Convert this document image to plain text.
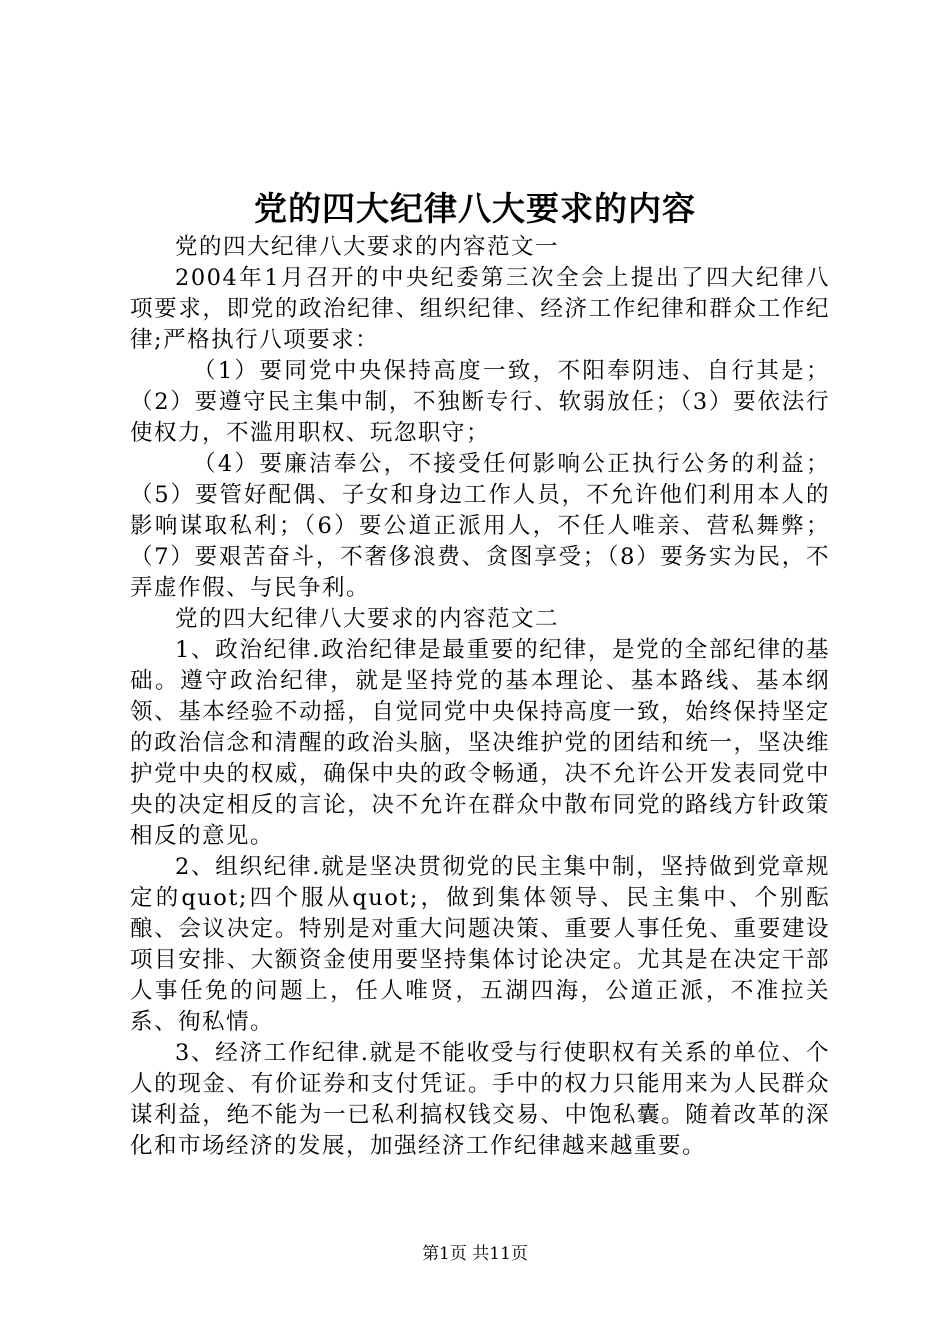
党的四大纪律八大要求的内容

党的四大纪律八大要求的内容范文一

2004年1月召开的中央纪委第三次全会上提出了四大纪律八项要求，即党的政治纪律、组织纪律、经济工作纪律和群众工作纪律;严格执行八项要求：

（1）要同党中央保持高度一致，不阳奉阴违、自行其是；（2）要遵守民主集中制，不独断专行、软弱放任；（3）要依法行使权力，不滥用职权、玩忽职守；

（4）要廉洁奉公，不接受任何影响公正执行公务的利益；（5）要管好配偶、子女和身边工作人员，不允许他们利用本人的影响谋取私利；（6）要公道正派用人，不任人唯亲、营私舞弊；（7）要艰苦奋斗，不奢侈浪费、贪图享受；（8）要务实为民，不弄虚作假、与民争利。

党的四大纪律八大要求的内容范文二

1、政治纪律.政治纪律是最重要的纪律，是党的全部纪律的基础。遵守政治纪律，就是坚持党的基本理论、基本路线、基本纲领、基本经验不动摇，自觉同党中央保持高度一致，始终保持坚定的政治信念和清醒的政治头脑，坚决维护党的团结和统一，坚决维护党中央的权威，确保中央的政令畅通，决不允许公开发表同党中央的决定相反的言论，决不允许在群众中散布同党的路线方针政策相反的意见。

2、组织纪律.就是坚决贯彻党的民主集中制，坚持做到党章规定的quot;四个服从quot;，做到集体领导、民主集中、个别酝酿、会议决定。特别是对重大问题决策、重要人事任免、重要建设项目安排、大额资金使用要坚持集体讨论决定。尤其是在决定干部人事任免的问题上，任人唯贤，五湖四海，公道正派，不准拉关系、徇私情。

3、经济工作纪律.就是不能收受与行使职权有关系的单位、个人的现金、有价证券和支付凭证。手中的权力只能用来为人民群众谋利益，绝不能为一已私利搞权钱交易、中饱私囊。随着改革的深化和市场经济的发展，加强经济工作纪律越来越重要。

第1页 共11页
